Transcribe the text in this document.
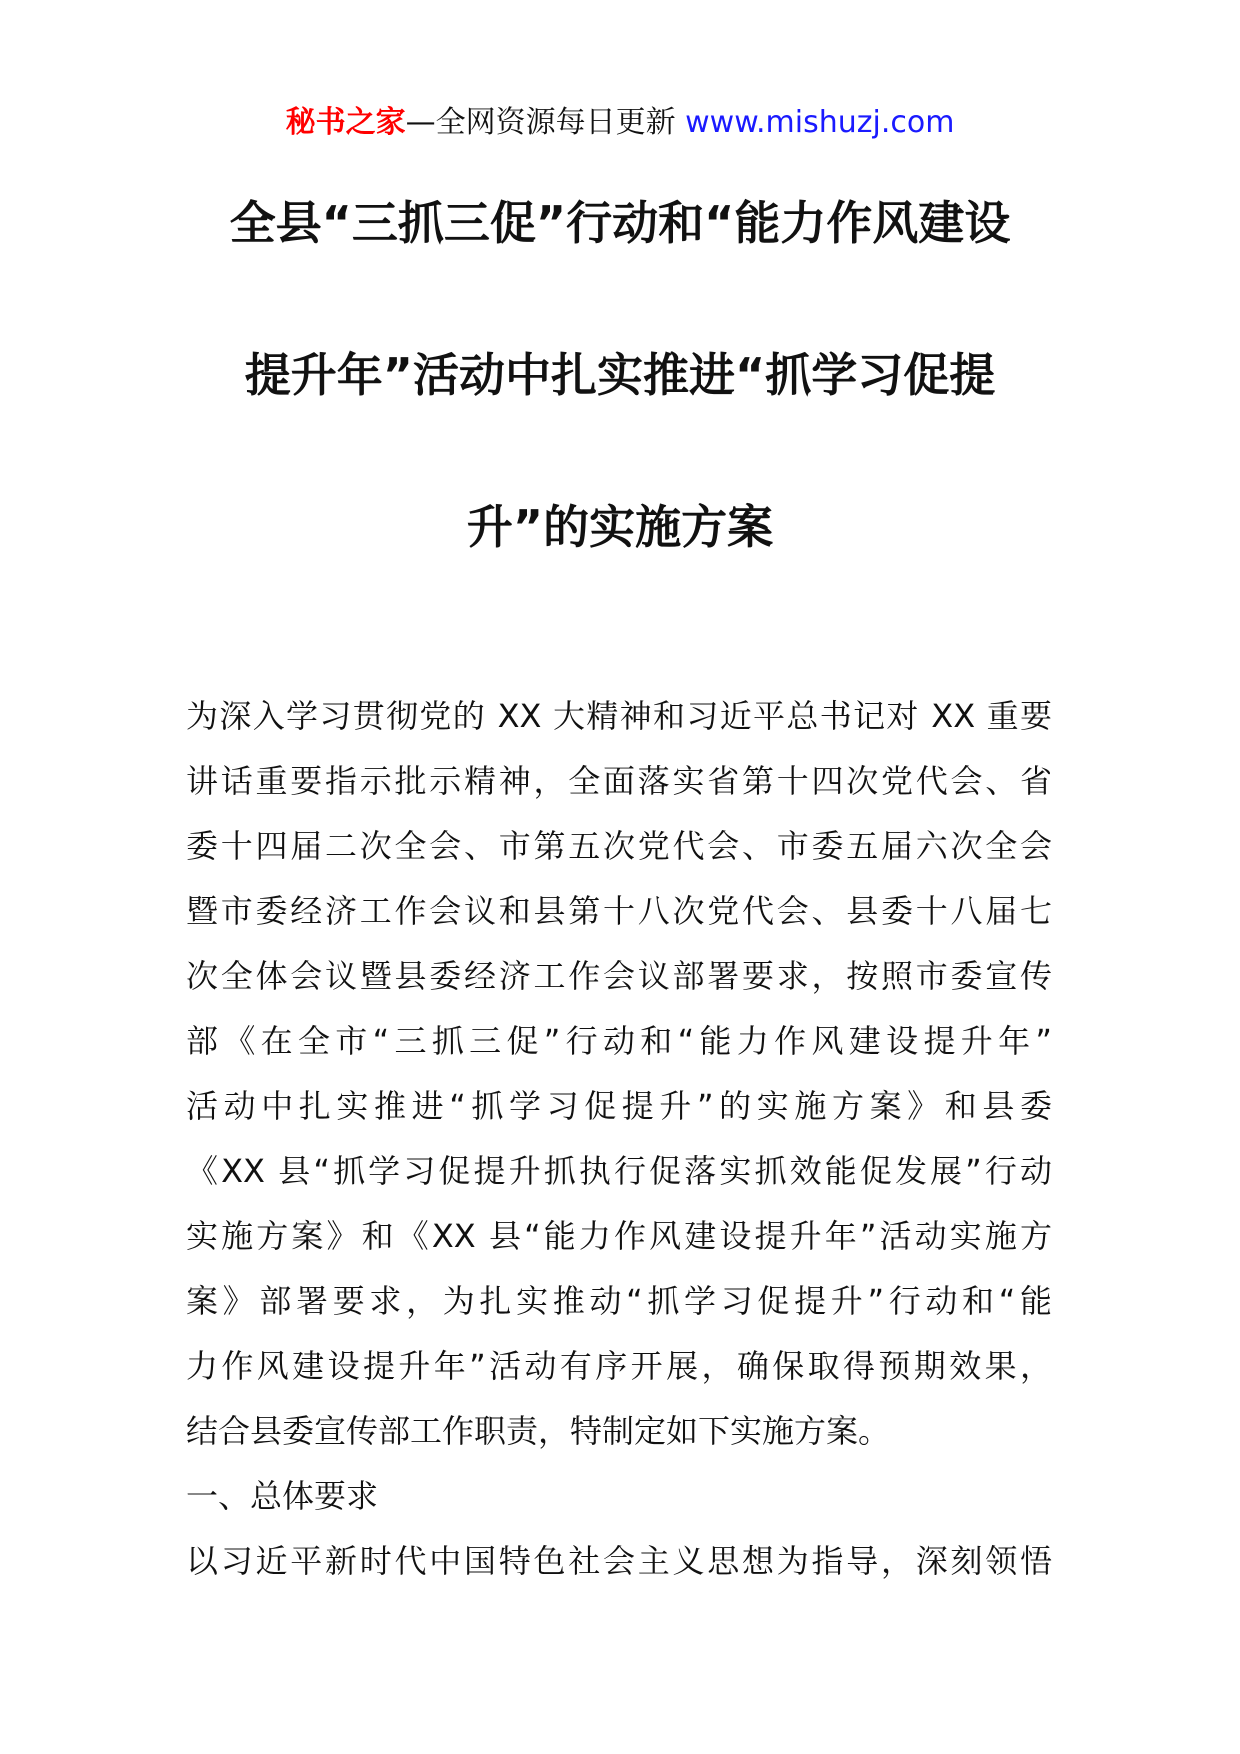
秘书之家—全网资源每日更新 www.mishuzj.com
全县“三抓三促”行动和“能力作风建设
提升年”活动中扎实推进“抓学习促提
升”的实施方案
为深入学习贯彻党的 XX 大精神和习近平总书记对 XX 重要
讲话重要指示批示精神，全面落实省第十四次党代会、省
委十四届二次全会、市第五次党代会、市委五届六次全会
暨市委经济工作会议和县第十八次党代会、县委十八届七
次全体会议暨县委经济工作会议部署要求，按照市委宣传
部《在全市“三抓三促”行动和“能力作风建设提升年”
活动中扎实推进“抓学习促提升”的实施方案》和县委
《XX 县“抓学习促提升抓执行促落实抓效能促发展”行动
实施方案》和《XX 县“能力作风建设提升年”活动实施方
案》部署要求，为扎实推动“抓学习促提升”行动和“能
力作风建设提升年”活动有序开展，确保取得预期效果，
结合县委宣传部工作职责，特制定如下实施方案。
一、总体要求
以习近平新时代中国特色社会主义思想为指导，深刻领悟
